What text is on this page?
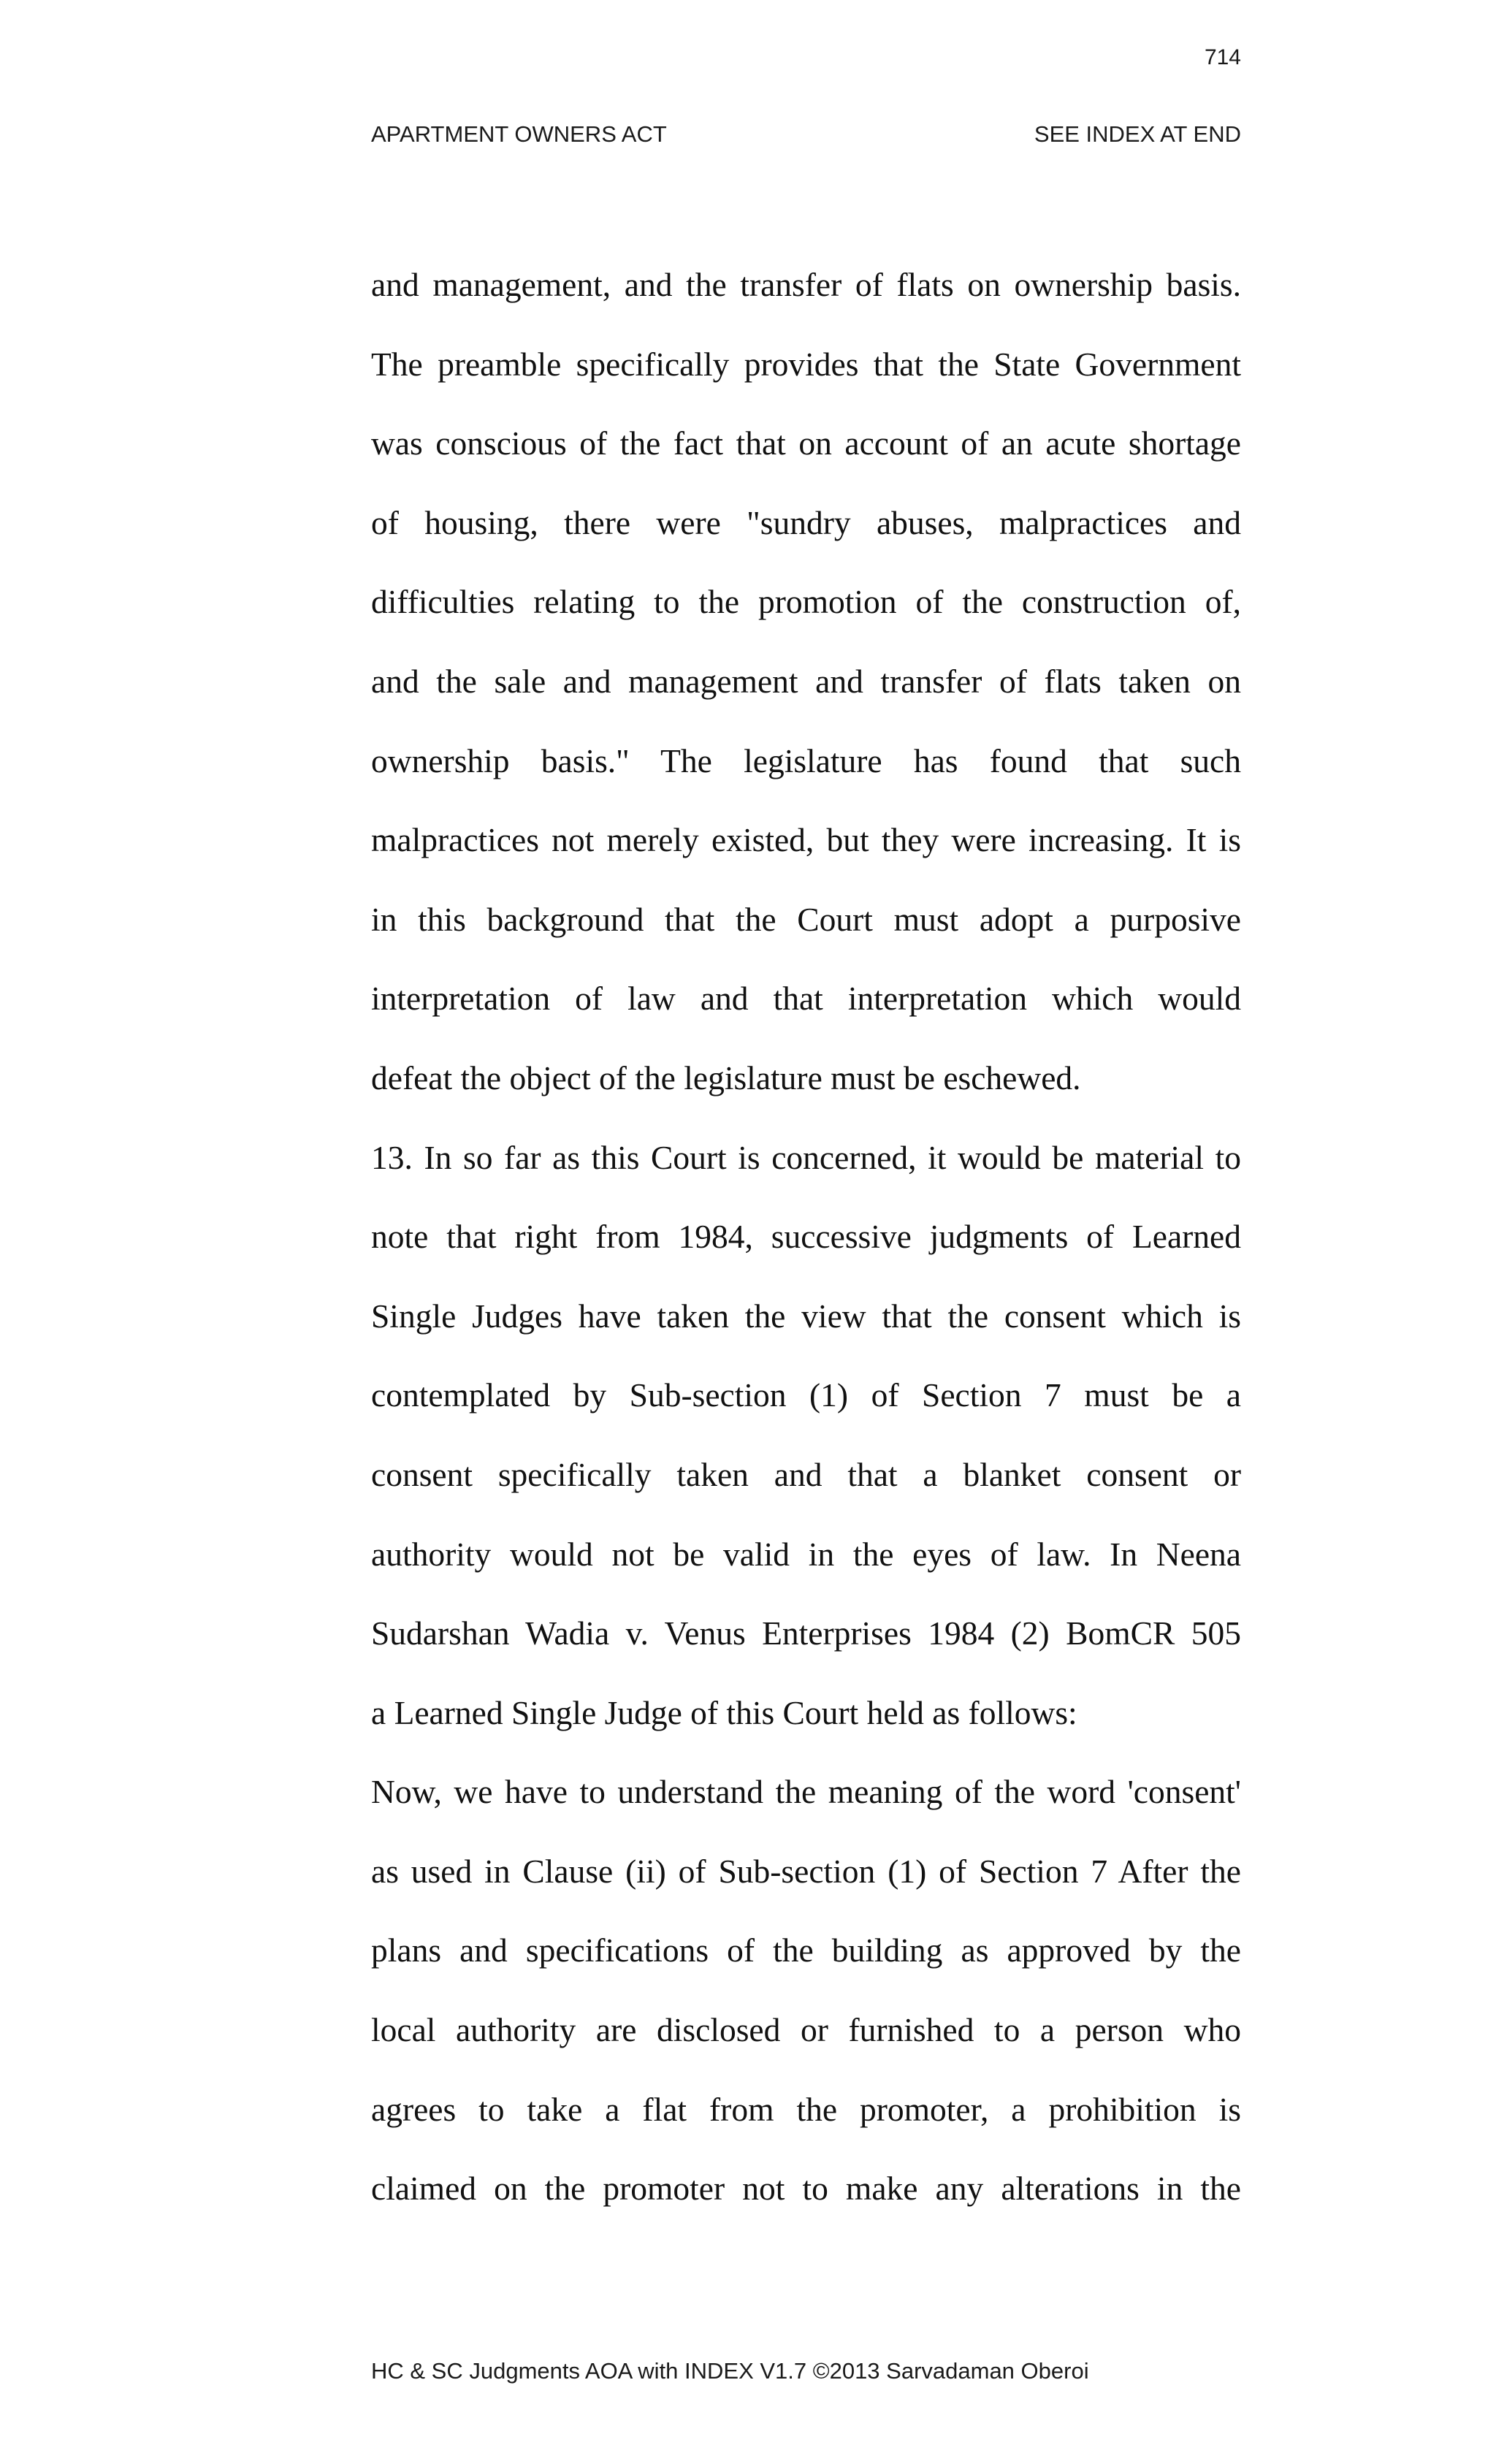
714
APARTMENT OWNERS ACT	SEE INDEX AT END
and management, and the transfer of flats on ownership basis.
The preamble specifically provides that the State Government
was conscious of the fact that on account of an acute shortage
of housing, there were "sundry abuses, malpractices and
difficulties relating to the promotion of the construction of,
and the sale and management and transfer of flats taken on
ownership basis." The legislature has found that such
malpractices not merely existed, but they were increasing. It is
in this background that the Court must adopt a purposive
interpretation of law and that interpretation which would
defeat the object of the legislature must be eschewed.
13. In so far as this Court is concerned, it would be material to
note that right from 1984, successive judgments of Learned
Single Judges have taken the view that the consent which is
contemplated by Sub-section (1) of Section 7 must be a
consent specifically taken and that a blanket consent or
authority would not be valid in the eyes of law. In Neena
Sudarshan Wadia v. Venus Enterprises 1984 (2) BomCR 505
a Learned Single Judge of this Court held as follows:
Now, we have to understand the meaning of the word 'consent'
as used in Clause (ii) of Sub-section (1) of Section 7 After the
plans and specifications of the building as approved by the
local authority are disclosed or furnished to a person who
agrees to take a flat from the promoter, a prohibition is
claimed on the promoter not to make any alterations in the
HC & SC Judgments AOA with INDEX V1.7 ©2013 Sarvadaman Oberoi
